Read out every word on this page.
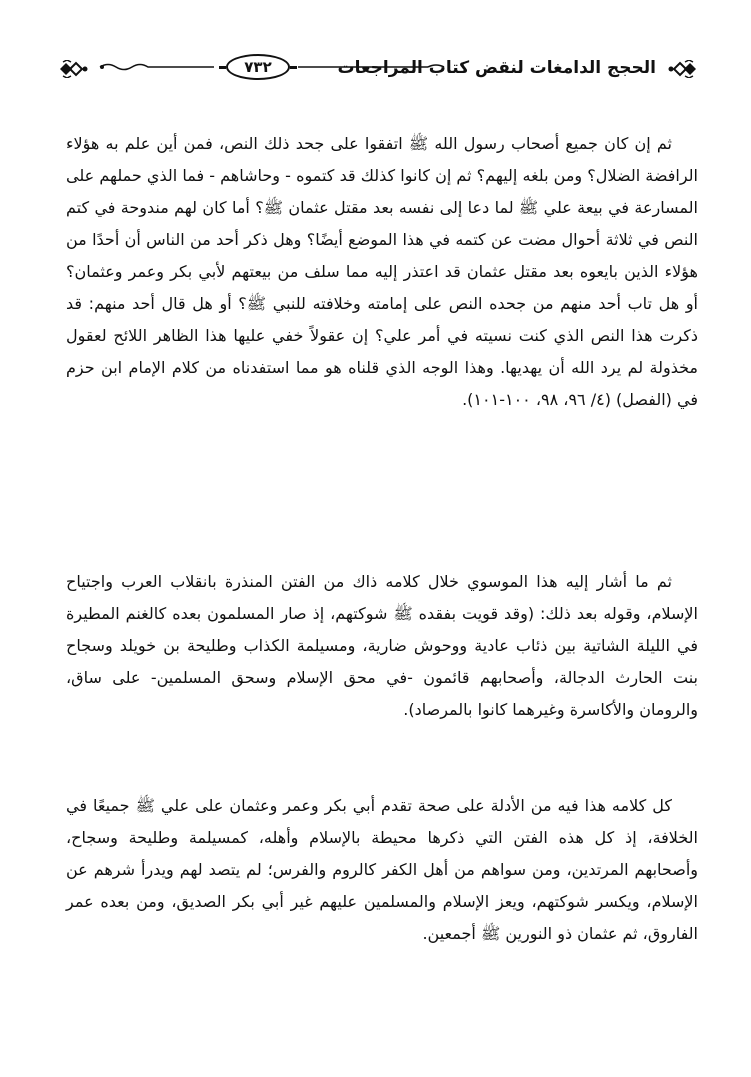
٧٣٢	الحجج الدامغات لنقض كتاب المراجعات

ثم إن كان جميع أصحاب رسول الله ﷺ اتفقوا على جحد ذلك النص، فمن أين علم به هؤلاء الرافضة الضلال؟ ومن بلغه إليهم؟ ثم إن كانوا كذلك قد كتموه - وحاشاهم - فما الذي حملهم على المسارعة في بيعة علي ﷺ لما دعا إلى نفسه بعد مقتل عثمان ﷺ؟ أما كان لهم مندوحة في كتم النص في ثلاثة أحوال مضت عن كتمه في هذا الموضع أيضًا؟ وهل ذكر أحد من الناس أن أحدًا من هؤلاء الذين بايعوه بعد مقتل عثمان قد اعتذر إليه مما سلف من بيعتهم لأبي بكر وعمر وعثمان؟ أو هل تاب أحد منهم من جحده النص على إمامته وخلافته للنبي ﷺ؟ أو هل قال أحد منهم: قد ذكرت هذا النص الذي كنت نسيته في أمر علي؟ إن عقولاً خفي عليها هذا الظاهر اللائح لعقول مخذولة لم يرد الله أن يهديها. وهذا الوجه الذي قلناه هو مما استفدناه من كلام الإمام ابن حزم في (الفصل) (٤/ ٩٦، ٩٨، ١٠٠-١٠١).

ثم ما أشار إليه هذا الموسوي خلال كلامه ذاك من الفتن المنذرة بانقلاب العرب واجتياح الإسلام، وقوله بعد ذلك: (وقد قويت بفقده ﷺ شوكتهم، إذ صار المسلمون بعده كالغنم المطيرة في الليلة الشاتية بين ذئاب عادية ووحوش ضارية، ومسيلمة الكذاب وطليحة بن خويلد وسجاح بنت الحارث الدجالة، وأصحابهم قائمون -في محق الإسلام وسحق المسلمين- على ساق، والرومان والأكاسرة وغيرهما كانوا بالمرصاد).

كل كلامه هذا فيه من الأدلة على صحة تقدم أبي بكر وعمر وعثمان على علي ﷺ جميعًا في الخلافة، إذ كل هذه الفتن التي ذكرها محيطة بالإسلام وأهله، كمسيلمة وطليحة وسجاح، وأصحابهم المرتدين، ومن سواهم من أهل الكفر كالروم والفرس؛ لم يتصد لهم ويدرأ شرهم عن الإسلام، ويكسر شوكتهم، ويعز الإسلام والمسلمين عليهم غير أبي بكر الصديق، ومن بعده عمر الفاروق، ثم عثمان ذو النورين ﷺ أجمعين.
